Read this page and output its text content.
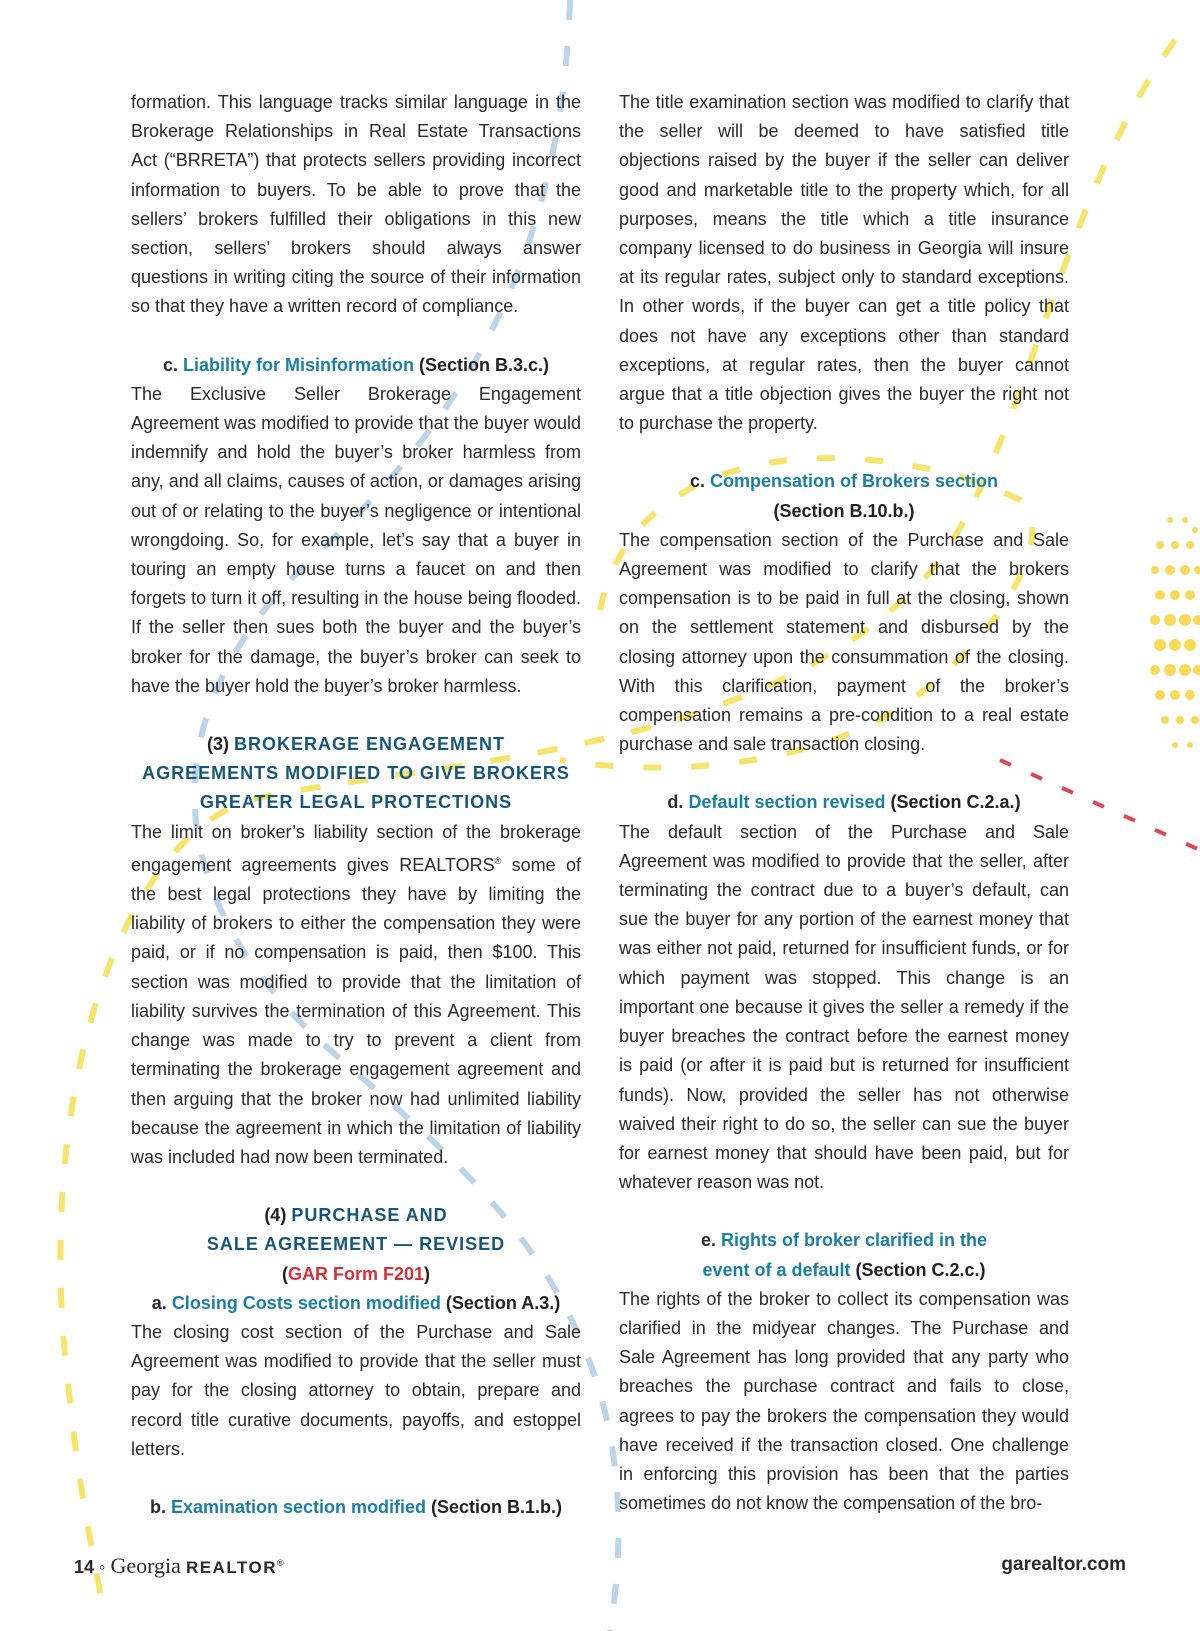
formation. This language tracks similar language in the Brokerage Relationships in Real Estate Transactions Act (“BRRETA”) that protects sellers providing incorrect information to buyers. To be able to prove that the sellers’ brokers fulfilled their obligations in this new section, sellers’ brokers should always answer questions in writing citing the source of their information so that they have a written record of compliance.

c. Liability for Misinformation (Section B.3.c.)

The Exclusive Seller Brokerage Engagement Agreement was modified to provide that the buyer would indemnify and hold the buyer’s broker harmless from any, and all claims, causes of action, or damages arising out of or relating to the buyer’s negligence or intentional wrongdoing. So, for example, let’s say that a buyer in touring an empty house turns a faucet on and then forgets to turn it off, resulting in the house being flooded. If the seller then sues both the buyer and the buyer’s broker for the damage, the buyer’s broker can seek to have the buyer hold the buyer’s broker harmless.

(3) BROKERAGE ENGAGEMENT
AGREEMENTS MODIFIED TO GIVE BROKERS
GREATER LEGAL PROTECTIONS

The limit on broker’s liability section of the brokerage engagement agreements gives REALTORS® some of the best legal protections they have by limiting the liability of brokers to either the compensation they were paid, or if no compensation is paid, then $100. This section was modified to provide that the limitation of liability survives the termination of this Agreement. This change was made to try to prevent a client from terminating the brokerage engagement agreement and then arguing that the broker now had unlimited liability because the agreement in which the limitation of liability was included had now been terminated.

(4) PURCHASE AND
SALE AGREEMENT — REVISED
(GAR Form F201)

a. Closing Costs section modified (Section A.3.)

The closing cost section of the Purchase and Sale Agreement was modified to provide that the seller must pay for the closing attorney to obtain, prepare and record title curative documents, payoffs, and estoppel letters.

b. Examination section modified (Section B.1.b.)

The title examination section was modified to clarify that the seller will be deemed to have satisfied title objections raised by the buyer if the seller can deliver good and marketable title to the property which, for all purposes, means the title which a title insurance company licensed to do business in Georgia will insure at its regular rates, subject only to standard exceptions. In other words, if the buyer can get a title policy that does not have any exceptions other than standard exceptions, at regular rates, then the buyer cannot argue that a title objection gives the buyer the right not to purchase the property.

c. Compensation of Brokers section
(Section B.10.b.)

The compensation section of the Purchase and Sale Agreement was modified to clarify that the brokers compensation is to be paid in full at the closing, shown on the settlement statement and disbursed by the closing attorney upon the consummation of the closing. With this clarification, payment of the broker’s compensation remains a pre-condition to a real estate purchase and sale transaction closing.

d. Default section revised (Section C.2.a.)

The default section of the Purchase and Sale Agreement was modified to provide that the seller, after terminating the contract due to a buyer’s default, can sue the buyer for any portion of the earnest money that was either not paid, returned for insufficient funds, or for which payment was stopped. This change is an important one because it gives the seller a remedy if the buyer breaches the contract before the earnest money is paid (or after it is paid but is returned for insufficient funds). Now, provided the seller has not otherwise waived their right to do so, the seller can sue the buyer for earnest money that should have been paid, but for whatever reason was not.

e. Rights of broker clarified in the
event of a default (Section C.2.c.)

The rights of the broker to collect its compensation was clarified in the midyear changes. The Purchase and Sale Agreement has long provided that any party who breaches the purchase contract and fails to close, agrees to pay the brokers the compensation they would have received if the transaction closed. One challenge in enforcing this provision has been that the parties sometimes do not know the compensation of the bro-

14 ◦ Georgia REALTOR®	garealtor.com
